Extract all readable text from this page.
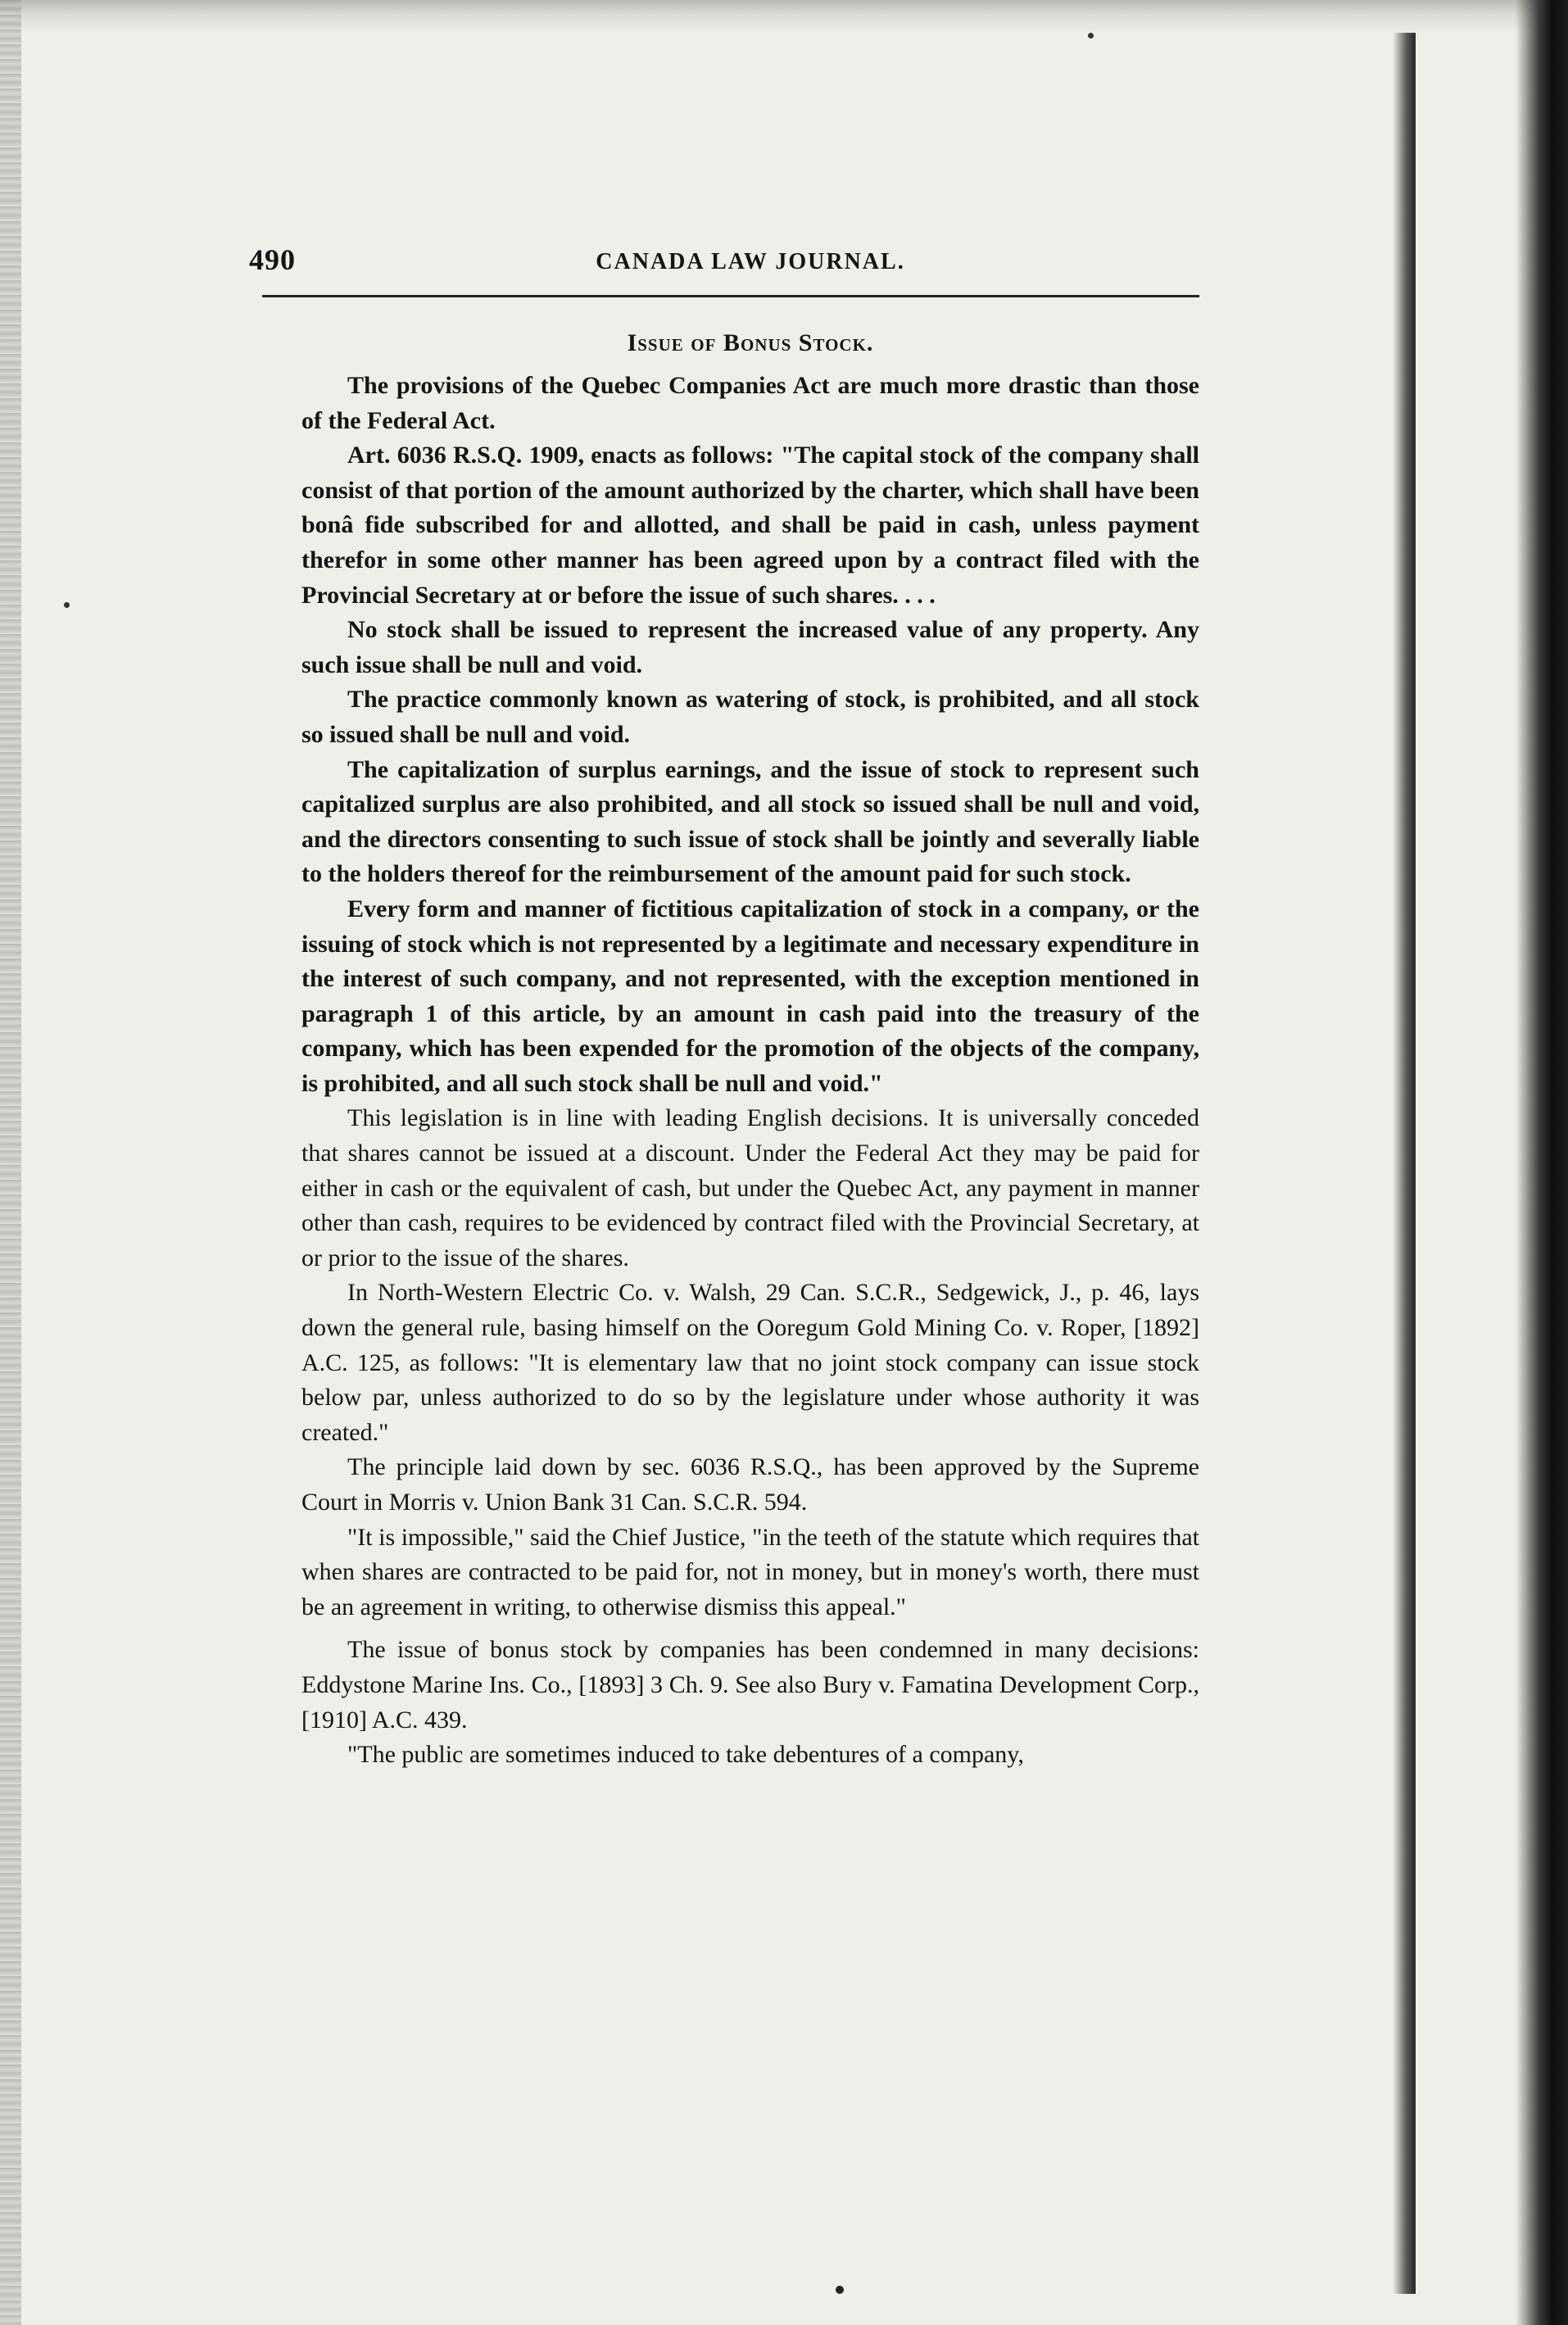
490	CANADA LAW JOURNAL.
Issue of Bonus Stock.

The provisions of the Quebec Companies Act are much more drastic than those of the Federal Act.

Art. 6036 R.S.Q. 1909, enacts as follows: "The capital stock of the company shall consist of that portion of the amount authorized by the charter, which shall have been bonâ fide subscribed for and allotted, and shall be paid in cash, unless payment therefor in some other manner has been agreed upon by a contract filed with the Provincial Secretary at or before the issue of such shares. . . .

No stock shall be issued to represent the increased value of any property. Any such issue shall be null and void.

The practice commonly known as watering of stock, is prohibited, and all stock so issued shall be null and void.

The capitalization of surplus earnings, and the issue of stock to represent such capitalized surplus are also prohibited, and all stock so issued shall be null and void, and the directors consenting to such issue of stock shall be jointly and severally liable to the holders thereof for the reimbursement of the amount paid for such stock.

Every form and manner of fictitious capitalization of stock in a company, or the issuing of stock which is not represented by a legitimate and necessary expenditure in the interest of such company, and not represented, with the exception mentioned in paragraph 1 of this article, by an amount in cash paid into the treasury of the company, which has been expended for the promotion of the objects of the company, is prohibited, and all such stock shall be null and void."

This legislation is in line with leading English decisions. It is universally conceded that shares cannot be issued at a discount. Under the Federal Act they may be paid for either in cash or the equivalent of cash, but under the Quebec Act, any payment in manner other than cash, requires to be evidenced by contract filed with the Provincial Secretary, at or prior to the issue of the shares.

In North-Western Electric Co. v. Walsh, 29 Can. S.C.R., Sedgewick, J., p. 46, lays down the general rule, basing himself on the Ooregum Gold Mining Co. v. Roper, [1892] A.C. 125, as follows: "It is elementary law that no joint stock company can issue stock below par, unless authorized to do so by the legislature under whose authority it was created."

The principle laid down by sec. 6036 R.S.Q., has been approved by the Supreme Court in Morris v. Union Bank 31 Can. S.C.R. 594.

"It is impossible," said the Chief Justice, "in the teeth of the statute which requires that when shares are contracted to be paid for, not in money, but in money's worth, there must be an agreement in writing, to otherwise dismiss this appeal."

The issue of bonus stock by companies has been condemned in many decisions: Eddystone Marine Ins. Co., [1893] 3 Ch. 9. See also Bury v. Famatina Development Corp., [1910] A.C. 439.

"The public are sometimes induced to take debentures of a company,
